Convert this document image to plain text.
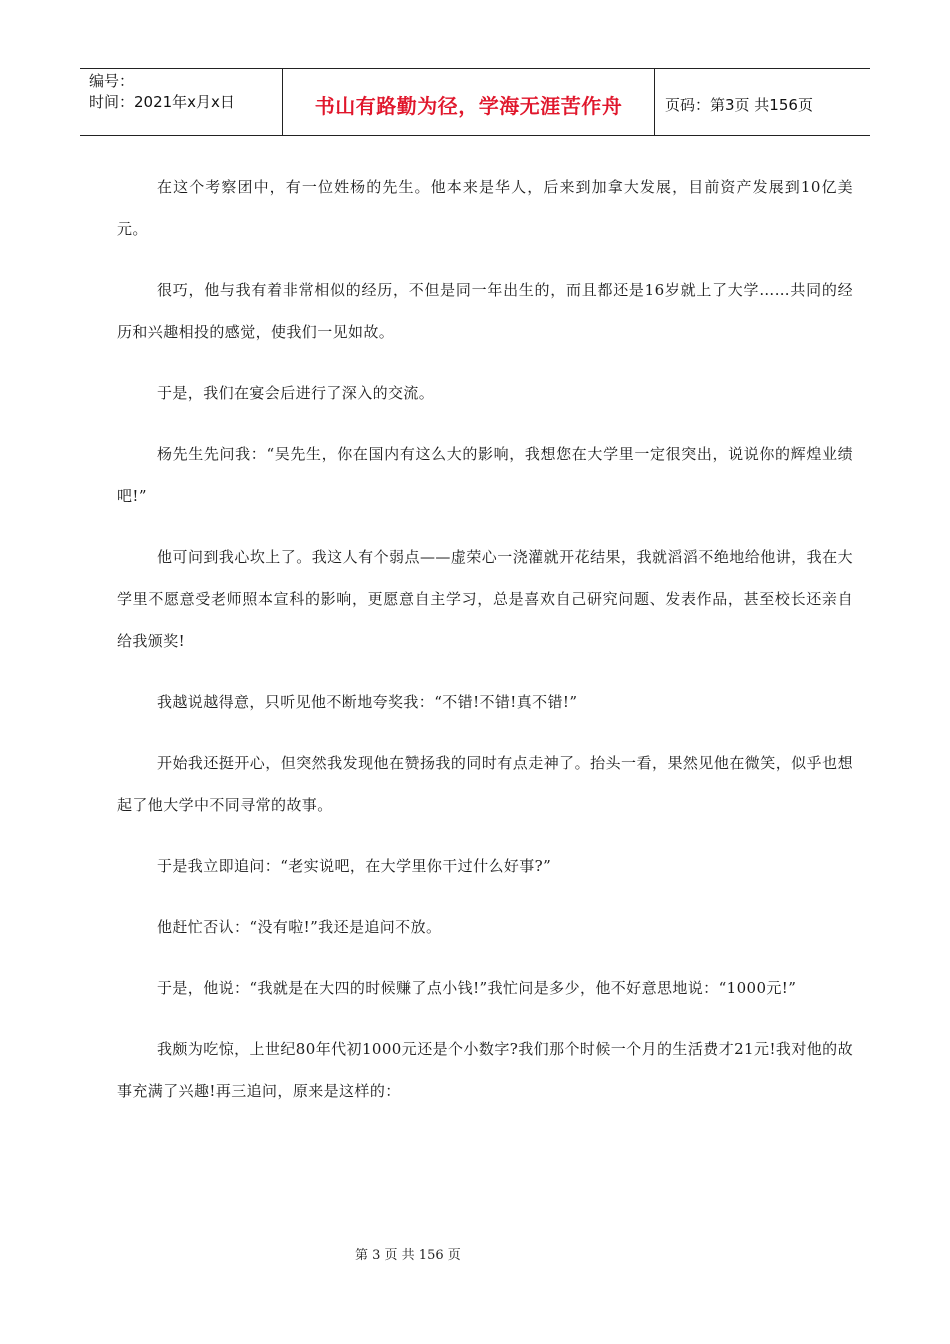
编号：
时间：2021年x月x日	书山有路勤为径，学海无涯苦作舟	页码：第3页 共156页

在这个考察团中，有一位姓杨的先生。他本来是华人，后来到加拿大发展，目前资产发展到10亿美元。

很巧，他与我有着非常相似的经历，不但是同一年出生的，而且都还是16岁就上了大学……共同的经历和兴趣相投的感觉，使我们一见如故。

于是，我们在宴会后进行了深入的交流。

杨先生先问我：“吴先生，你在国内有这么大的影响，我想您在大学里一定很突出，说说你的辉煌业绩吧!”

他可问到我心坎上了。我这人有个弱点——虚荣心一浇灌就开花结果，我就滔滔不绝地给他讲，我在大学里不愿意受老师照本宣科的影响，更愿意自主学习，总是喜欢自己研究问题、发表作品，甚至校长还亲自给我颁奖!

我越说越得意，只听见他不断地夸奖我：“不错!不错!真不错!”

开始我还挺开心，但突然我发现他在赞扬我的同时有点走神了。抬头一看，果然见他在微笑，似乎也想起了他大学中不同寻常的故事。

于是我立即追问：“老实说吧，在大学里你干过什么好事?”

他赶忙否认：“没有啦!”我还是追问不放。

于是，他说：“我就是在大四的时候赚了点小钱!”我忙问是多少，他不好意思地说：“1000元!”

我颇为吃惊，上世纪80年代初1000元还是个小数字?我们那个时候一个月的生活费才21元!我对他的故事充满了兴趣!再三追问，原来是这样的：

第 3 页 共 156 页
